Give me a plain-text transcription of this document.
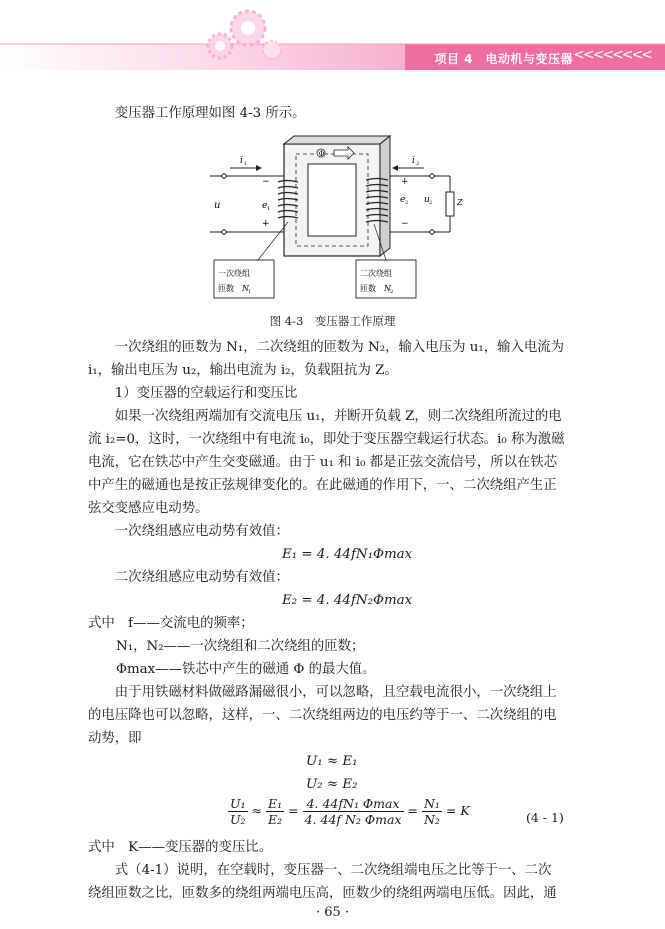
项目 4　 电动机与变压器 <<<<<<<<
变压器工作原理如图 4-3 所示。
Φ
i 1	i 2
u	e 1
−
+
e 2
+
−
u 2	Z
一次绕组
匝数 N 1
二次绕组
匝数 N 2
图 4-3　变压器工作原理
一次绕组的匝数为 N₁，二次绕组的匝数为 N₂，输入电压为 u₁，输入电流为
i₁，输出电压为 u₂，输出电流为 i₂，负载阻抗为 Z。
1）变压器的空载运行和变压比
如果一次绕组两端加有交流电压 u₁，并断开负载 Z，则二次绕组所流过的电
流 i₂=0，这时，一次绕组中有电流 i₀，即处于变压器空载运行状态。i₀ 称为激磁
电流，它在铁芯中产生交变磁通。由于 u₁ 和 i₀ 都是正弦交流信号，所以在铁芯
中产生的磁通也是按正弦规律变化的。在此磁通的作用下，一、二次绕组产生正
弦交变感应电动势。
一次绕组感应电动势有效值：
E₁ = 4. 44fN₁Φmax
二次绕组感应电动势有效值：
E₂ = 4. 44fN₂Φmax
式中　f——交流电的频率；
N₁，N₂——一次绕组和二次绕组的匝数；
Φmax——铁芯中产生的磁通 Φ 的最大值。
由于用铁磁材料做磁路漏磁很小，可以忽略，且空载电流很小，一次绕组上
的电压降也可以忽略，这样，一、二次绕组两边的电压约等于一、二次绕组的电
动势，即
U₁ ≈ E₁
U₂ ≈ E₂
$\frac{\text{U₁}}{\text{U₂}} \approx \frac{\text{E₁}}{\text{E₂}} = \frac{\text{4. 44fN₁ Φmax}}{\text{4. 44f N₂ Φmax}} = \frac{\text{N₁}}{\text{N₂}} = K$	(4 - 1)
式中　K——变压器的变压比。
式（4-1）说明，在空载时，变压器一、二次绕组端电压之比等于一、二次
绕组匝数之比，匝数多的绕组两端电压高，匝数少的绕组两端电压低。因此，通
· 65 ·
